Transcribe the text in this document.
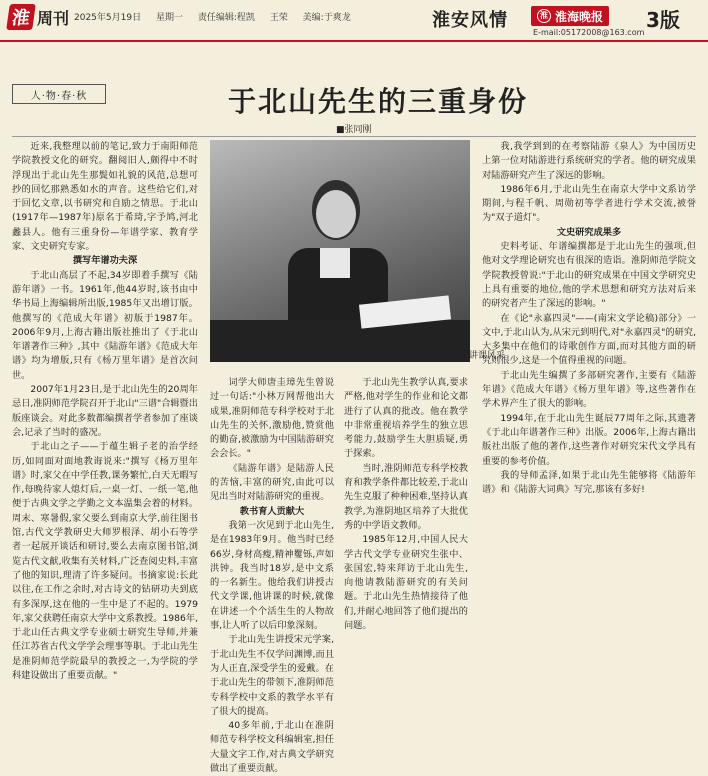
淮 周刊 2025年5月19日 星期一 责任编辑:程凯 王荣 美编:于爽龙	淮安风情	淮 淮海晚报 3版
E-mail:05172008@163.com
人·物·春·秋	于北山先生的三重身份
■张同刚

近来,我整理以前的笔记,致力于南阳师范学院教授文化的研究。翻阅旧人,颇得中不时浮现出于北山先生那鬓如礼貌的风范,总想可抄的回忆那熟悉如水的声音。这些给它们,对于回忆文章,以书研究和自励之情思。于北山(1917年—1987年)原名于希琦,字予鸠,河北蠡县人。他有三重身份—年谱学家、教育学家、文史研究专家。

撰写年谱功夫深

于北山高层了不起,34岁即着手撰写《陆游年谱》一书。1961年,他44岁时,该书由中华书局上海编辑所出版,1985年又出增订版。他撰写的《范成大年谱》初版于1987年。2006年9月,上海古籍出版社推出了《于北山年谱著作三种》,其中《陆游年谱》《范成大年谱》均为增版,只有《杨万里年谱》是首次问世。

2007年1月23日,是于北山先生的20周年忌日,准阴师范学院召开于北山"三谱"合辑暨出版座谈会。对此多数都编撰者学者参加了座谈会,记录了当时的盛况。

于北山之子——于蕴生辑子老的治学经历,如同面对面地教诲说来:"撰写《杨万里年谱》时,家父在中学任教,课务繁忙,白天无暇写作,每晚待家人熄灯后,一桌一灯、一纸一笔,他便于古典文学之学勤之文本温集会着的材料。周末、寒暑假,家父要么到南京大学,前往图书馆,古代文学教研史大师罗根泽、胡小石等学者一起展开谈话和研讨,要么去南京图书馆,浏览古代文献,收集有关材料,广泛查阅史料,丰富了他的知识,理清了许多疑问。书摘家说:长此以往,在工作之余时,对古诗文的钻研功夫到底有多深厚,这在他的一生中是了不起的。1979年,家父获聘任南京大学中文系教授。1986年,于北山任古典文学专业硕士研究生导师,并兼任江苏省古代文学学会理事等职。于北山先生是准阴师范学院最早的教授之一,为学院的学科建设做出了重要贡献。"

于北山先生讲课风采

词学大师唐圭璋先生曾说过一句话:"小林万网帮他出大成果,准阴师范专科学校对于北山先生的关怀,激励他,赞赏他的勤奋,被激励为中国陆游研究会会长。"

《陆游年谱》是陆游人民的苦恼,丰富的研究,由此可以见出当时对陆游研究的重视。

教书育人贡献大

我第一次见到于北山先生,是在1983年9月。他当时已经66岁,身材高瘦,精神矍铄,声如洪钟。我当时18岁,是中文系的一名新生。他给我们讲授古代文学课,他讲课的时候,就像在讲述一个个活生生的人物故事,让人听了以后印象深刻。

于北山先生讲授宋元学案,于北山先生不仅学问渊博,而且为人正直,深受学生的爱戴。在于北山先生的带领下,准阴师范专科学校中文系的教学水平有了很大的提高。

40多年前,于北山在准阴师范专科学校文科编辑室,担任大量文字工作,对古典文学研究做出了重要贡献。

于北山先生教学认真,要求严格,他对学生的作业和论文都进行了认真的批改。他在教学中非常重视培养学生的独立思考能力,鼓励学生大胆质疑,勇于探索。

当时,淮阴师范专科学校教育和教学条件都比较差,于北山先生克服了种种困难,坚持认真教学,为淮阴地区培养了大批优秀的中学语文教师。

1985年12月,中国人民大学古代文学专业研究生张中、张国宏,特来拜访于北山先生,向他请教陆游研究的有关问题。于北山先生热情接待了他们,并耐心地回答了他们提出的问题。

我,我学到到的在考察陆游《泉人》为中国历史上第一位对陆游进行系统研究的学者。他的研究成果对陆游研究产生了深远的影响。

1986年6月,于北山先生在南京大学中文系访学期间,与程千帆、周勋初等学者进行学术交流,被誉为"双子道灯"。

文史研究成果多

史料考证、年谱编撰都是于北山先生的强项,但他对文学理论研究也有很深的造诣。淮阴师范学院文学院教授曾说:"于北山的研究成果在中国文学研究史上具有重要的地位,他的学术思想和研究方法对后来的研究者产生了深远的影响。"

在《论"永嘉四灵"——(南宋文学论稿)部分》一文中,于北山认为,从宋元到明代,对"永嘉四灵"的研究,大多集中在他们的诗歌创作方面,而对其他方面的研究则很少,这是一个值得重视的问题。

于北山先生编撰了多部研究著作,主要有《陆游年谱》《范成大年谱》《杨万里年谱》等,这些著作在学术界产生了很大的影响。

1994年,在于北山先生诞辰77周年之际,其遗著《于北山年谱著作三种》出版。2006年,上海古籍出版社出版了他的著作,这些著作对研究宋代文学具有重要的参考价值。

我的导师孟泽,如果于北山先生能够将《陆游年谱》和《陆游大词典》写完,那该有多好!
